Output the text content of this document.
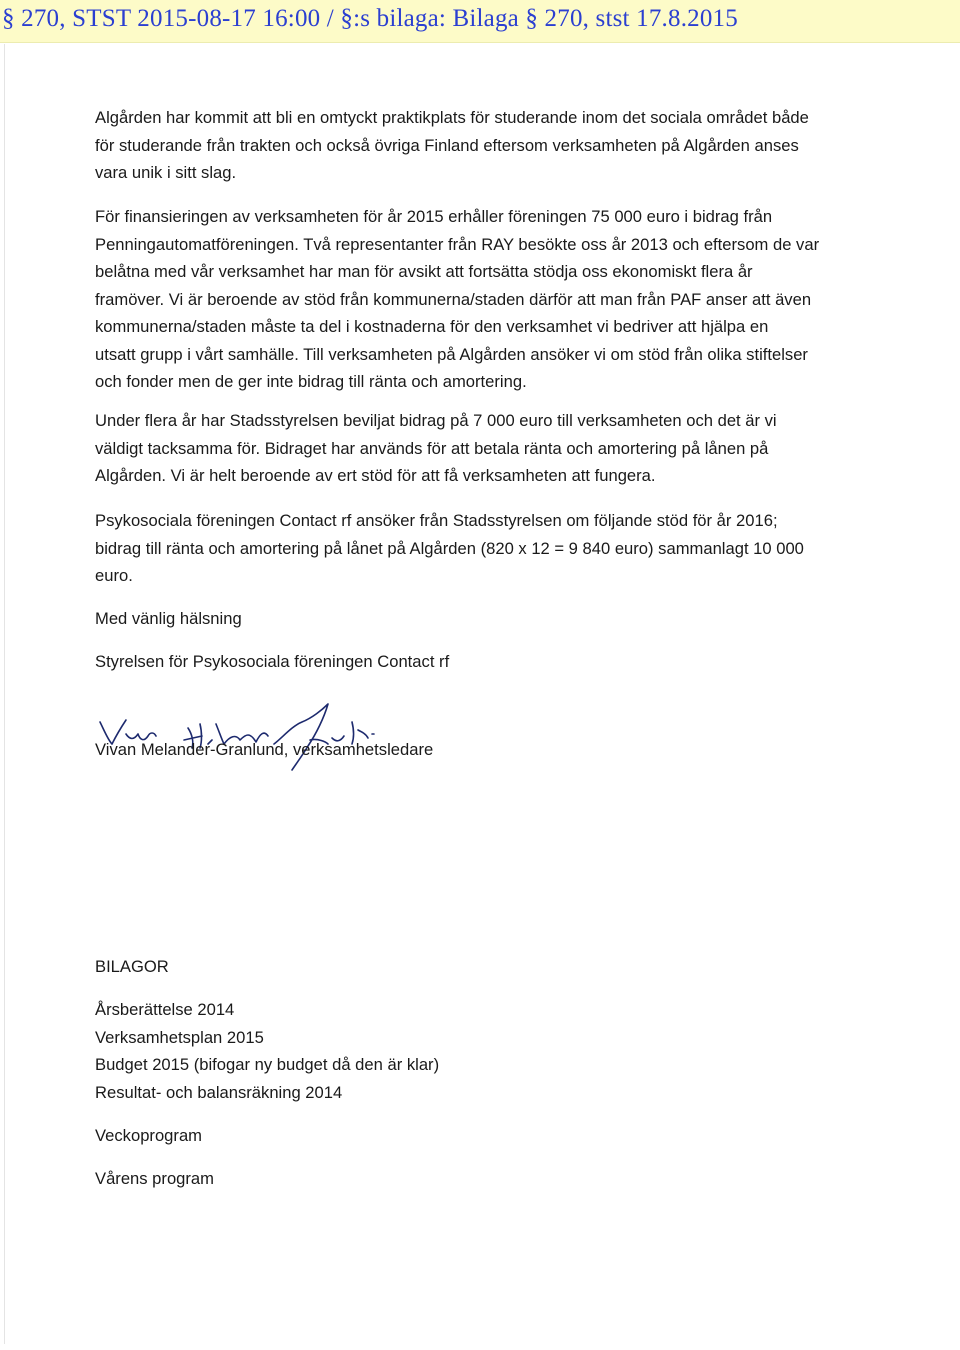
§ 270, STST 2015-08-17 16:00 / §:s bilaga: Bilaga § 270, stst 17.8.2015
Algården har kommit att bli en omtyckt praktikplats för studerande inom det sociala området både
för studerande från trakten och också övriga Finland eftersom verksamheten på Algården anses
vara unik i sitt slag.
För finansieringen av verksamheten för år 2015 erhåller föreningen 75 000 euro i bidrag från
Penningautomatföreningen. Två representanter från RAY besökte oss år 2013 och eftersom de var
belåtna med vår verksamhet har man för avsikt att fortsätta stödja oss ekonomiskt flera år
framöver. Vi är beroende av stöd från kommunerna/staden därför att man från PAF anser att även
kommunerna/staden måste ta del i kostnaderna för den verksamhet vi bedriver att hjälpa en
utsatt grupp i vårt samhälle. Till verksamheten på Algården ansöker vi om stöd från olika stiftelser
och fonder men de ger inte bidrag till ränta och amortering.
Under flera år har Stadsstyrelsen beviljat bidrag på 7 000 euro till verksamheten och det är vi
väldigt tacksamma för. Bidraget har används för att betala ränta och amortering på lånen på
Algården. Vi är helt beroende av ert stöd för att få verksamheten att fungera.
Psykosociala föreningen Contact rf ansöker från Stadsstyrelsen om följande stöd för år 2016;
bidrag till ränta och amortering på lånet på Algården (820 x 12 = 9 840 euro) sammanlagt 10 000
euro.
Med vänlig hälsning
Styrelsen för Psykosociala föreningen Contact rf
Vivan Melander-Granlund, verksamhetsledare
BILAGOR
Årsberättelse 2014
Verksamhetsplan 2015
Budget 2015 (bifogar ny budget då den är klar)
Resultat- och balansräkning 2014
Veckoprogram
Vårens program
